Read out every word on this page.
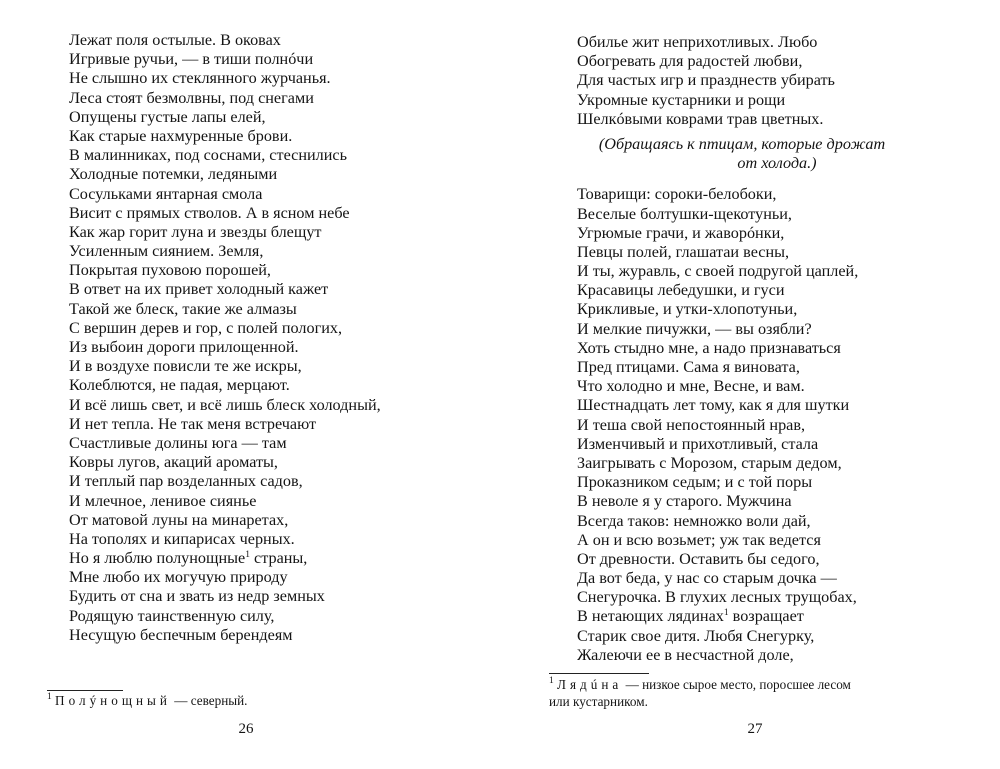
Лежат поля остылые. В оковах
Игривые ручьи, — в тиши полнóчи
Не слышно их стеклянного журчанья.
Леса стоят безмолвны, под снегами
Опущены густые лапы елей,
Как старые нахмуренные брови.
В малинниках, под соснами, стеснились
Холодные потемки, ледяными
Сосульками янтарная смола
Висит с прямых стволов. А в ясном небе
Как жар горит луна и звезды блещут
Усиленным сиянием. Земля,
Покрытая пуховою порошей,
В ответ на их привет холодный кажет
Такой же блеск, такие же алмазы
С вершин дерев и гор, с полей пологих,
Из выбоин дороги прилощенной.
И в воздухе повисли те же искры,
Колеблются, не падая, мерцают.
И всё лишь свет, и всё лишь блеск холодный,
И нет тепла. Не так меня встречают
Счастливые долины юга — там
Ковры лугов, акаций ароматы,
И теплый пар возделанных садов,
И млечное, ленивое сиянье
От матовой луны на минаретах,
На тополях и кипарисах черных.
Но я люблю полунощные$^1$ страны,
Мне любо их могучую природу
Будить от сна и звать из недр земных
Родящую таинственную силу,
Несущую беспечным берендеям
$^1$ Полýнощный — северный.
26
Обилье жит неприхотливых. Любо
Обогревать для радостей любви,
Для частых игр и празднеств убирать
Укромные кустарники и рощи
Шелкóвыми коврами трав цветных.
(Обращаясь к птицам, которые дрожат
от холода.)
Товарищи: сороки-белобоки,
Веселые болтушки-щекотуньи,
Угрюмые грачи, и жаворóнки,
Певцы полей, глашатаи весны,
И ты, журавль, с своей подругой цаплей,
Красавицы лебедушки, и гуси
Крикливые, и утки-хлопотуньи,
И мелкие пичужки, — вы озябли?
Хоть стыдно мне, а надо признаваться
Пред птицами. Сама я виновата,
Что холодно и мне, Весне, и вам.
Шестнадцать лет тому, как я для шутки
И теша свой непостоянный нрав,
Изменчивый и прихотливый, стала
Заигрывать с Морозом, старым дедом,
Проказником седым; и с той поры
В неволе я у старого. Мужчина
Всегда таков: немножко воли дай,
А он и всю возьмет; уж так ведется
От древности. Оставить бы седого,
Да вот беда, у нас со старым дочка —
Снегурочка. В глухих лесных трущобах,
В нетающих лядинах$^1$ возращает
Старик свое дитя. Любя Снегурку,
Жалеючи ее в несчастной доле,
$^1$ Лядúна — низкое сырое место, поросшее лесом
или кустарником.
27
